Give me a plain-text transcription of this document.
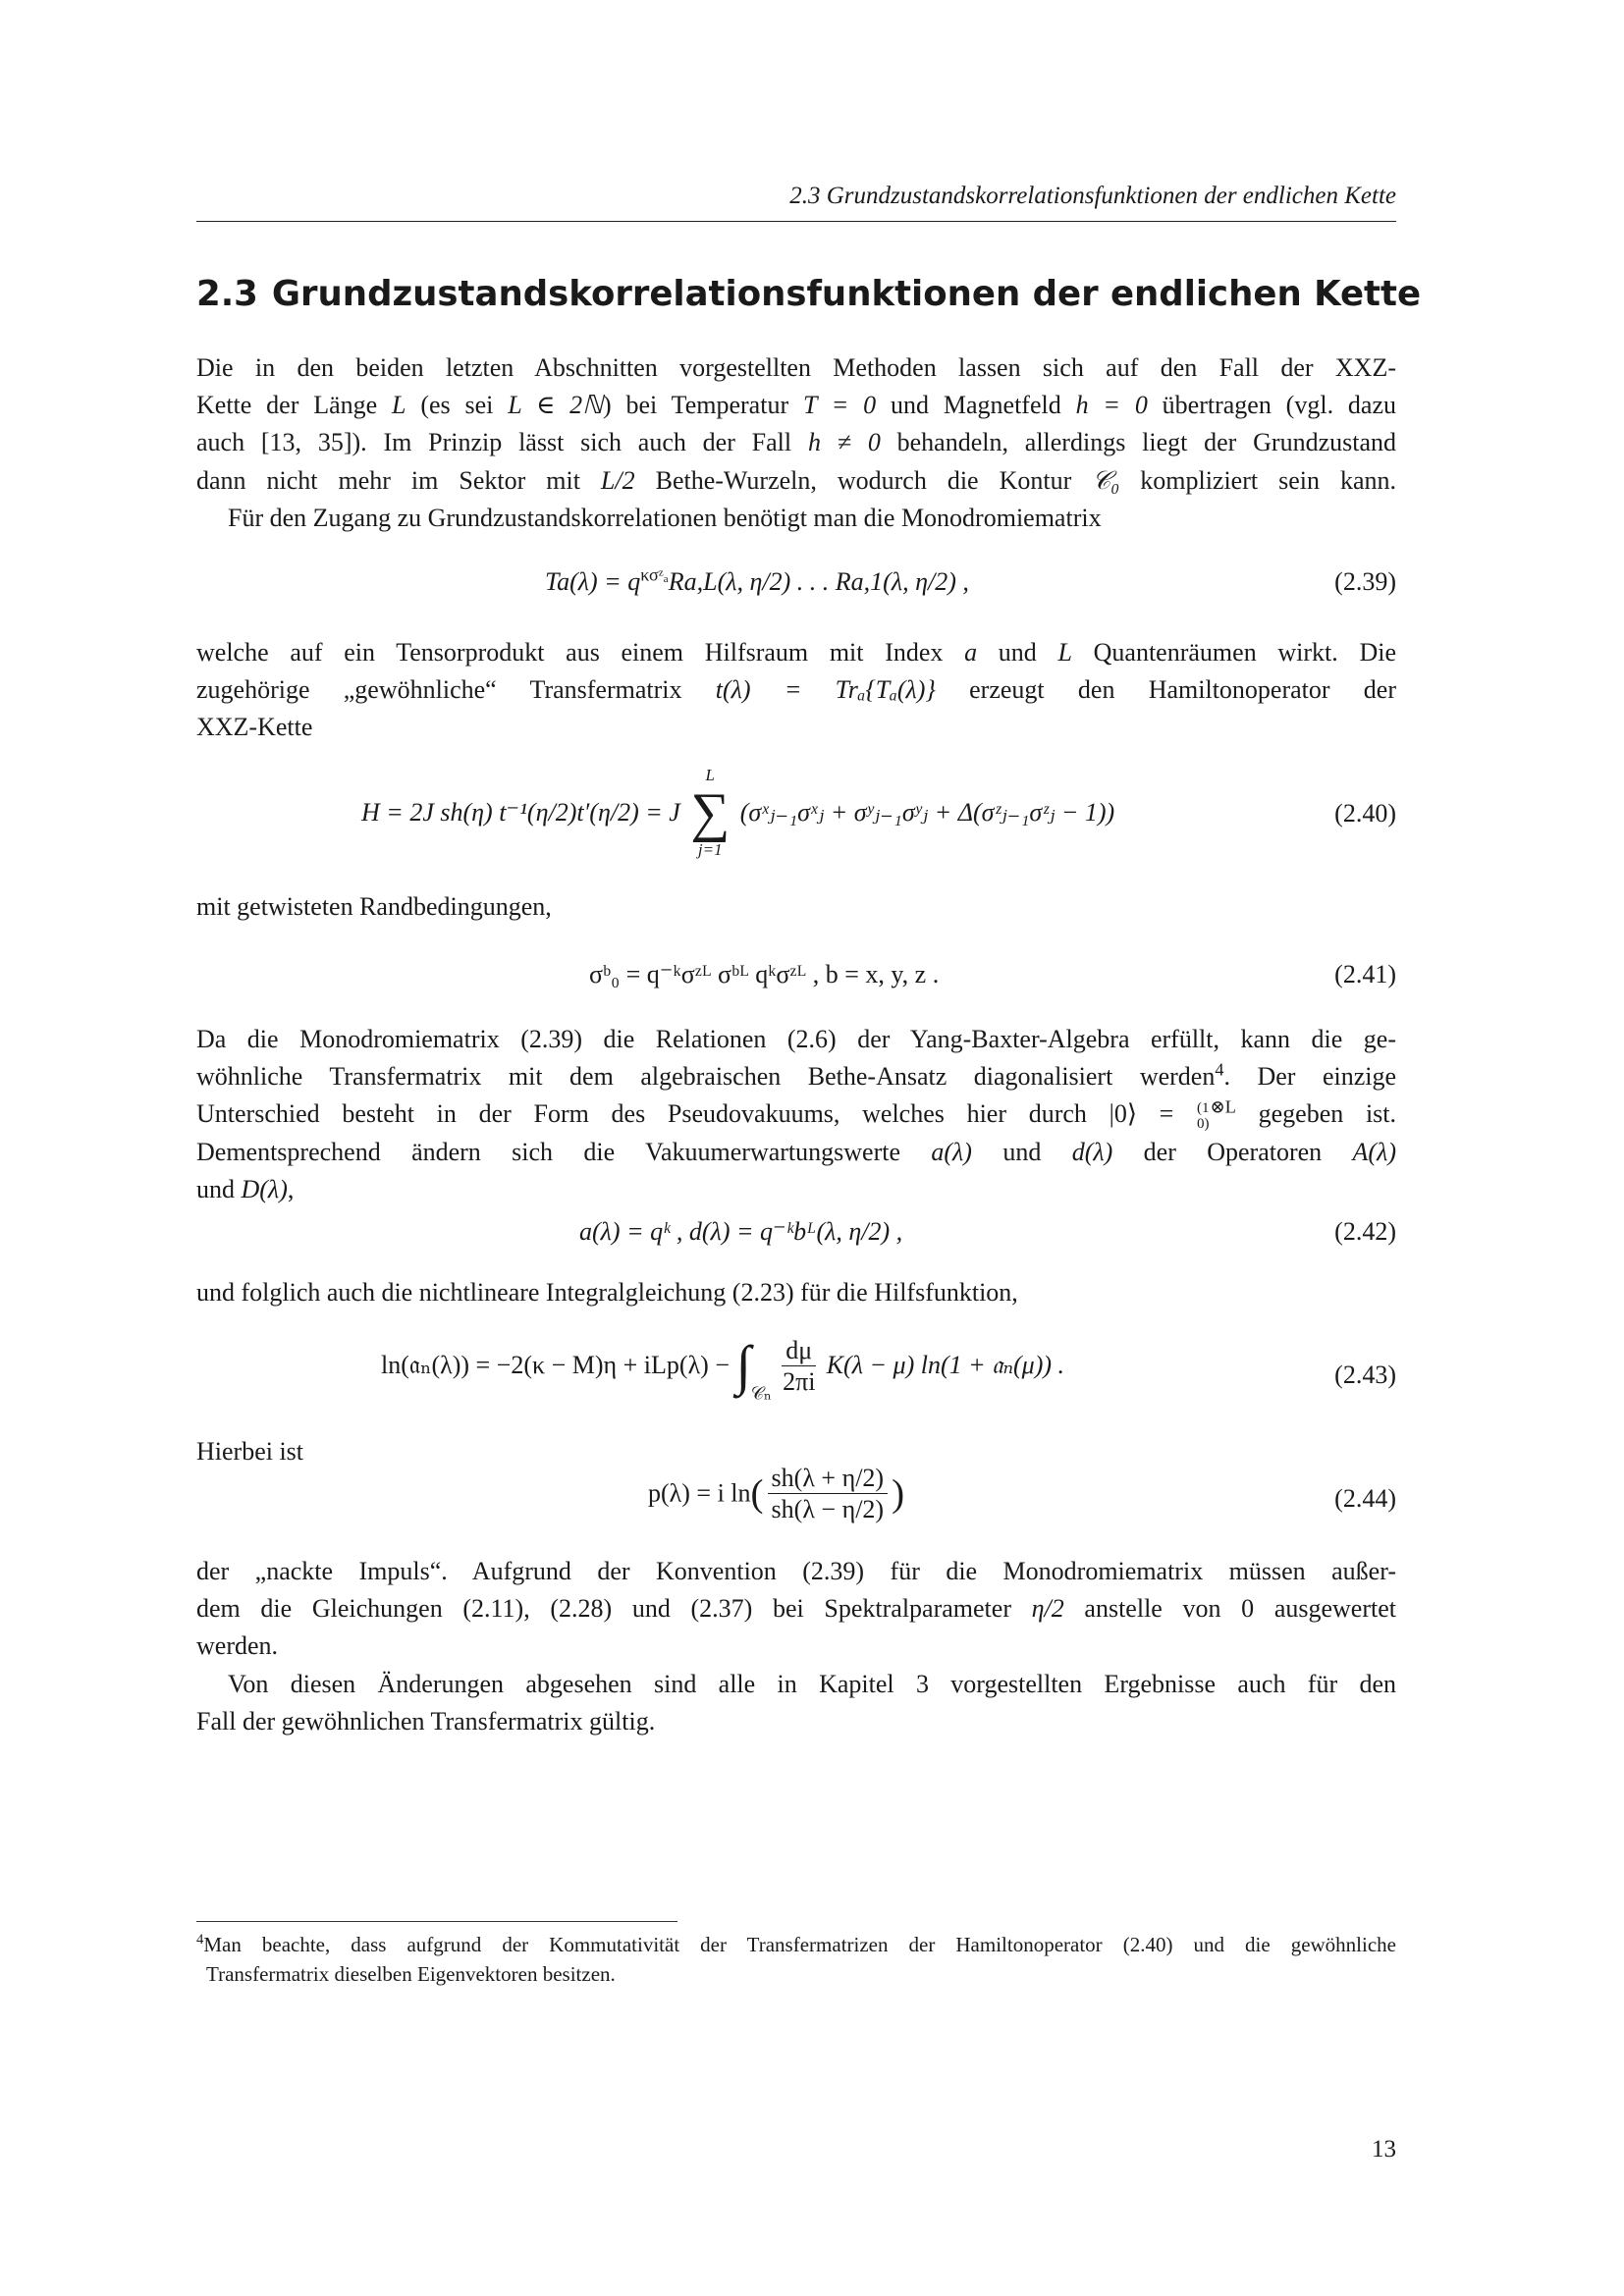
2.3 Grundzustandskorrelationsfunktionen der endlichen Kette
2.3 Grundzustandskorrelationsfunktionen der endlichen Kette
Die in den beiden letzten Abschnitten vorgestellten Methoden lassen sich auf den Fall der XXZ-
Kette der Länge L (es sei L ∈ 2ℕ) bei Temperatur T = 0 und Magnetfeld h = 0 übertragen (vgl. dazu
auch [13, 35]). Im Prinzip lässt sich auch der Fall h ≠ 0 behandeln, allerdings liegt der Grundzustand
dann nicht mehr im Sektor mit L/2 Bethe-Wurzeln, wodurch die Kontur 𝒞₀ kompliziert sein kann.
Für den Zugang zu Grundzustandskorrelationen benötigt man die Monodromiematrix
$Ta(\lambda) = q^{\kappa\sigma ᶻ_a}Ra,L(\lambda$, η/2) . . . Ra,1(λ, η/2) ,	(2.39)
welche auf ein Tensorprodukt aus einem Hilfsraum mit Index a und L Quantenräumen wirkt. Die
zugehörige „gewöhnliche“ Transfermatrix t(λ) = Trₐ{Tₐ(λ)} erzeugt den Hamiltonoperator der
XXZ-Kette
H = 2J sh(η) t⁻¹(η/2)t′(η/2) = J
L
∑
j=1
(σˣⱼ₋₁σˣⱼ + σʸⱼ₋₁σʸⱼ + Δ(σᶻⱼ₋₁σᶻⱼ − 1))	(2.40)
mit getwisteten Randbedingungen,
σᵇ₀ = q⁻ᵏσᶻᴸ σᵇᴸ qᵏσᶻᴸ , b = x, y, z .	(2.41)
Da die Monodromiematrix (2.39) die Relationen (2.6) der Yang-Baxter-Algebra erfüllt, kann die ge-
wöhnliche Transfermatrix mit dem algebraischen Bethe-Ansatz diagonalisiert werden$^4$. Der einzige
Unterschied besteht in der Form des Pseudovakuums, welches hier durch |0⟩ = (1
0)$^{\otimes L}$ gegeben ist.
Dementsprechend ändern sich die Vakuumerwartungswerte a(λ) und d(λ) der Operatoren A(λ)
und D(λ),
a(λ) = qᵏ , d(λ) = q⁻ᵏbᴸ(λ, η/2) ,	(2.42)
und folglich auch die nichtlineare Integralgleichung (2.23) für die Hilfsfunktion,
ln(𝔞ₙ(λ)) = $-2(\kappa - M)\eta + iLp(\lambda) - \int_{𝒞_n} \frac{d\mu}{2\pi i} K(\lambda - \mu) \ln(1$ + 𝔞ₙ(μ)) .	(2.43)
Hierbei ist
p(λ) = i $\ln( \frac{sh(\lambda + \eta/2)}{sh(\lambda - \eta/2)}$ )	(2.44)
der „nackte Impuls“. Aufgrund der Konvention (2.39) für die Monodromiematrix müssen außer-
dem die Gleichungen (2.11), (2.28) und (2.37) bei Spektralparameter η/2 anstelle von 0 ausgewertet
werden.
Von diesen Änderungen abgesehen sind alle in Kapitel 3 vorgestellten Ergebnisse auch für den
Fall der gewöhnlichen Transfermatrix gültig.
$^4$Man beachte, dass aufgrund der Kommutativität der Transfermatrizen der Hamiltonoperator (2.40) und die gewöhnliche
Transfermatrix dieselben Eigenvektoren besitzen.
13
